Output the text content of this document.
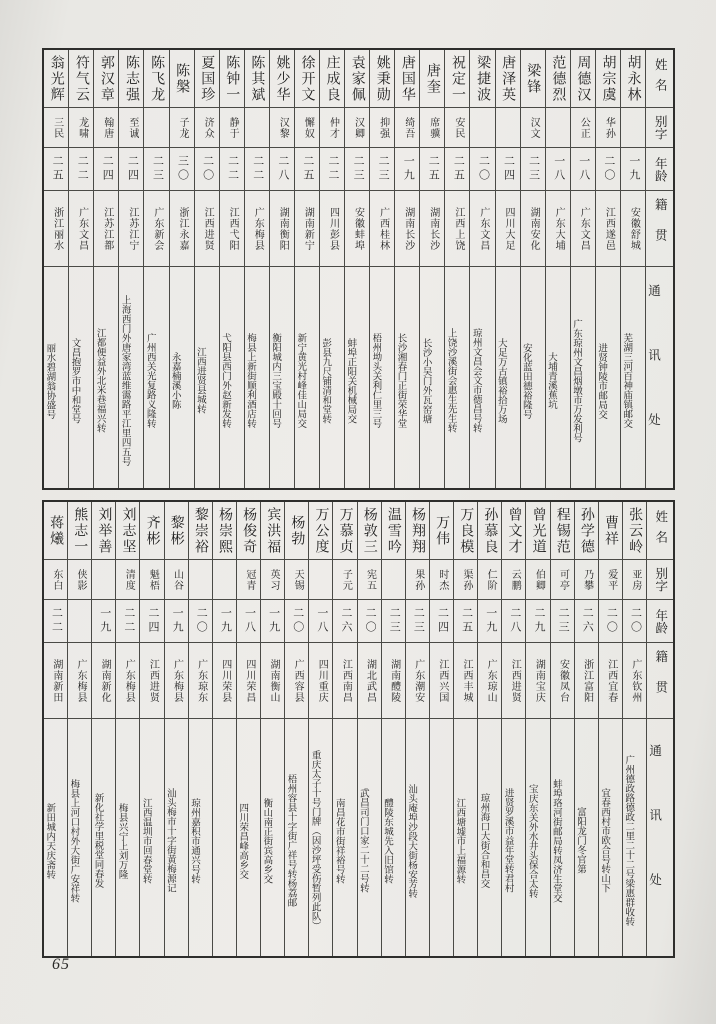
姓名
别字
年龄
籍贯
通讯处
胡永林
一九
安徽舒城
芜湖三河百神庙镇邮交
胡宗虞
华孙
二〇
江西遂邑
进贤钟陵市邮局交
周德汉
公正
一八
广东文昌
广东琼州文昌烟墩市万发利号
范德烈
一八
广东大埔
大埔青溪蕉坑
梁锋
汉文
二三
湖南安化
安化蓝田德裕隆号
唐泽英
二四
四川大足
大足万古镇裕拾万场
梁捷波
二〇
广东文昌
琼州文昌会文市德昌号转
祝定一
安民
二五
江西上饶
上饶沙溪街会惠生先生转
唐奎
席骥
二五
湖南长沙
长沙小吴门外瓦窑塘
唐国华
绮吾
一九
湖南长沙
长沙湘春门正街荣华堂
姚秉勋
抑强
二三
广西桂林
梧州坳头关利仁里三号
袁家佩
汉卿
二三
安徽蚌埠
蚌埠正阳关机械局交
庄成良
仲才
二二
四川彭县
彭县九尺铺清和堂转
徐开文
懈奴
二五
湖南新宁
新宁黄光村峰佳山局交
姚少华
汉黎
二八
湖南衡阳
衡阳城内三宝殿十回号
陈其斌
二二
广东梅县
梅县上新街顺利酒店转
陈钟一
静于
二二
江西弋阳
弋阳县西门外赵新发转
夏国珍
济众
二〇
江西进贤
江西进贤县城转
陈槃
子龙
三〇
浙江永嘉
永嘉楠溪小陈
陈飞龙
二三
广东新会
广州西关光复路义隆转
陈志强
至诚
二四
江苏江宁
上海西门外唐家湾蓝维霭路平江里四五号
郭汉章
翰唐
二四
江苏江都
江都便益外北米巷福兴转
符气云
龙啸
二二
广东文昌
文昌抱罗市中和堂号
翁光辉
三民
二五
浙江丽水
丽水碧湖翁协盛号
姓名
别字
年龄
籍贯
通讯处
张云岭
亚房
二〇
广东钦州
广州德政路德政二里二十二号梁惠群收转
曹祥
爱平
二〇
江西宜春
宜春西村市欧合号转山下
孙学德
乃攀
二六
浙江富阳
富阳龙门冬官第
程锡范
可亭
二三
安徽凤台
蚌埠珞河街邮局转凤济生堂交
曾光道
伯卿
二九
湖南宝庆
宝庆东关外水井头保合太转
曾文才
云鹏
二八
江西进贤
进贤罗溪市益年堂转君村
孙慕良
仁阶
一九
广东琼山
琼州海口大街合和昌交
万良模
渠孙
二五
江西丰城
江西塘墟市上福源转
万伟
时杰
二四
江西兴国
杨翔翔
果孙
二三
广东潮安
汕头庵埠沙段大街杨安芳转
温雪吟
二三
湖南醴陵
醴陵东城先入旧馆转
杨敦三
宪五
二〇
湖北武昌
武昌司门口家二十二号转
万慕贞
子元
二六
江西南昌
南昌花市街祥裕号转
万公度
一八
四川重庆
重庆太子十号门牌（因沙坪受伤暂列此队）
杨勃
天锡
二〇
广西容县
梧州容县十字街广祥号转杨荔邮
宾洪福
英习
一九
湖南衡山
衡山南正街宾高乡交
杨俊奇
冠青
一八
四川荣昌
四川荣昌峰高乡交
杨崇熙
一九
四川荣县
黎崇裕
二〇
广东琼东
琼州嘉积市通兴号转
黎彬
山谷
一九
广东梅县
汕头梅市十字街黄梅源记
齐彬
魁梧
二四
江西进贤
江西温圳市回春堂转
刘志坚
清度
二二
广东梅县
梅县兴宁上刘万隆
刘举善
一九
湖南新化
新化社学里税堂同春发
熊志一
侠影
广东梅县
梅县上河口村外大街广安祥转
蒋爔
东白
二二
湖南新田
新田城内天庆斋转
65
